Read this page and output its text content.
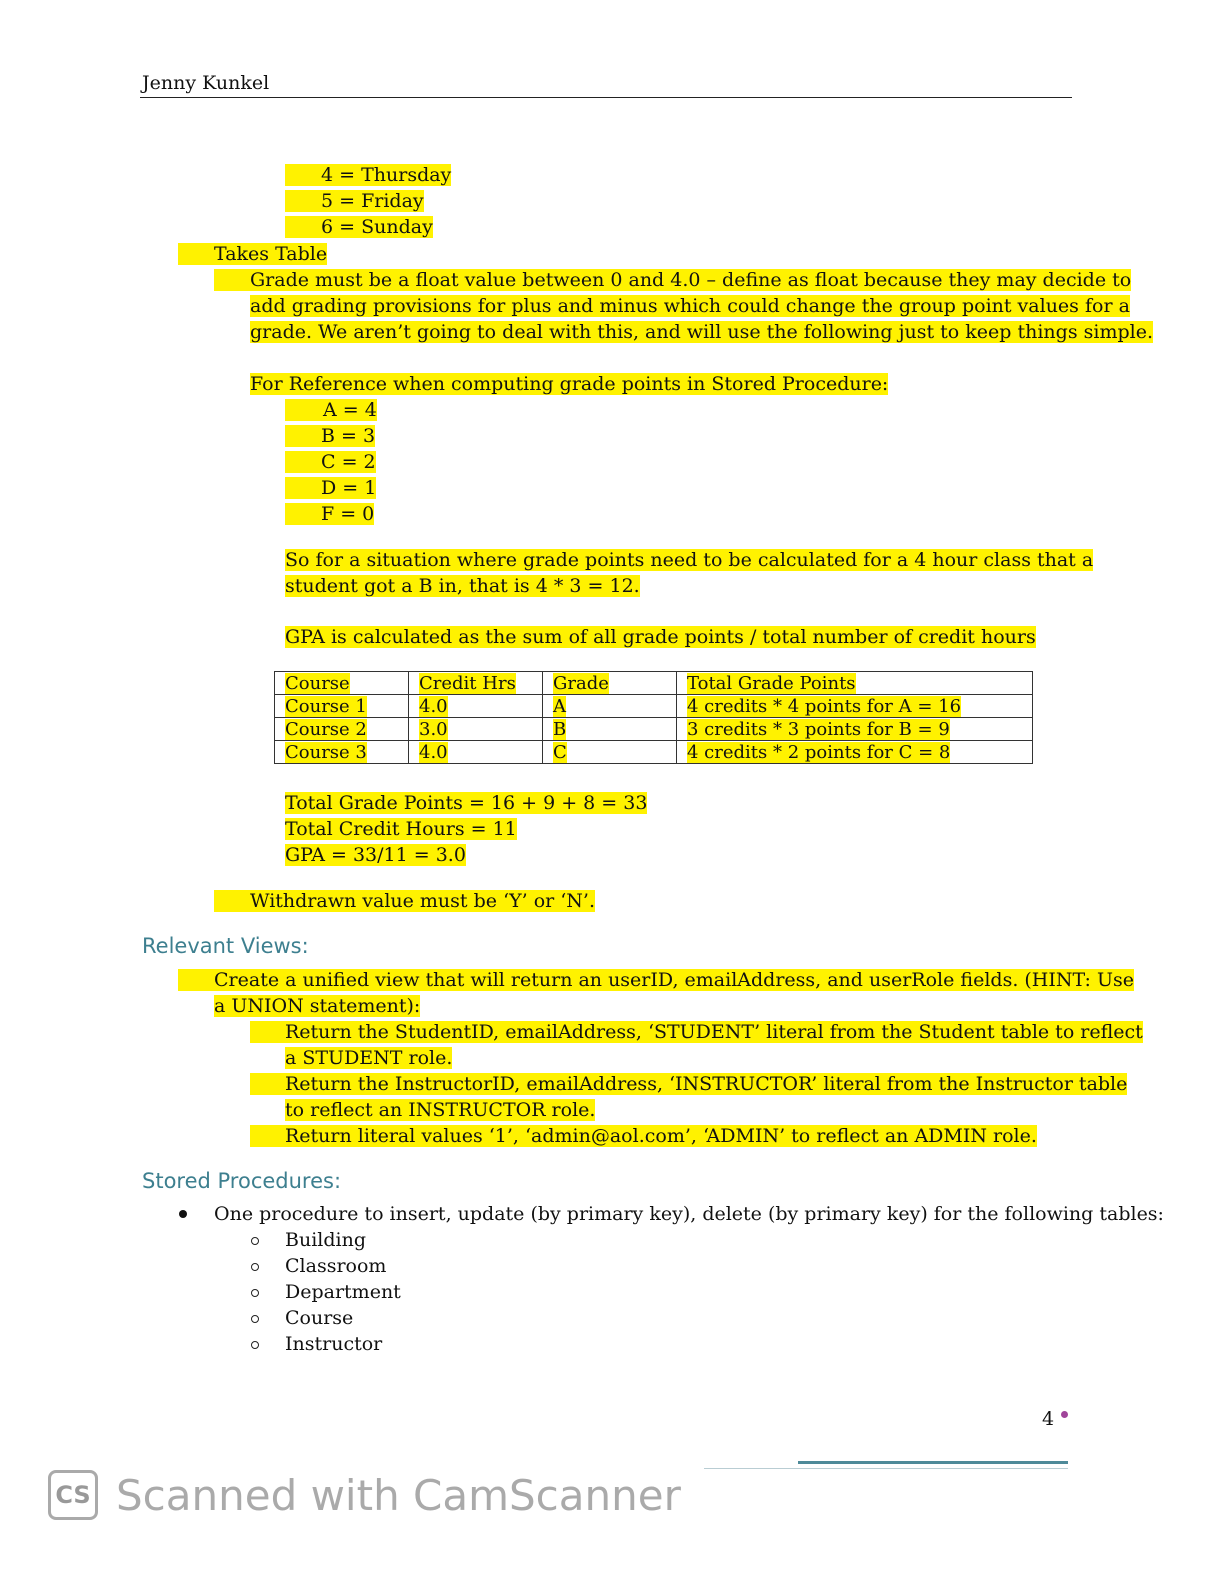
Jenny Kunkel
4 = Thursday
5 = Friday
6 = Sunday
Takes Table
Grade must be a float value between 0 and 4.0 – define as float because they may decide to
add grading provisions for plus and minus which could change the group point values for a
grade. We aren’t going to deal with this, and will use the following just to keep things simple.
For Reference when computing grade points in Stored Procedure:
A = 4
B = 3
C = 2
D = 1
F = 0
So for a situation where grade points need to be calculated for a 4 hour class that a
student got a B in, that is 4 * 3 = 12.
GPA is calculated as the sum of all grade points / total number of credit hours
Course	Credit Hrs	Grade	Total Grade Points
Course 1	4.0	A	4 credits * 4 points for A = 16
Course 2	3.0	B	3 credits * 3 points for B = 9
Course 3	4.0	C	4 credits * 2 points for C = 8
Total Grade Points = 16 + 9 + 8 = 33
Total Credit Hours = 11
GPA = 33/11 = 3.0
Withdrawn value must be ‘Y’ or ‘N’.
Relevant Views:
Create a unified view that will return an userID, emailAddress, and userRole fields. (HINT: Use
a UNION statement):
Return the StudentID, emailAddress, ‘STUDENT’ literal from the Student table to reflect
a STUDENT role.
Return the InstructorID, emailAddress, ‘INSTRUCTOR’ literal from the Instructor table
to reflect an INSTRUCTOR role.
Return literal values ‘1’, ‘admin@aol.com’, ‘ADMIN’ to reflect an ADMIN role.
Stored Procedures:
One procedure to insert, update (by primary key), delete (by primary key) for the following tables:
Building
Classroom
Department
Course
Instructor
4
CS Scanned with CamScanner
